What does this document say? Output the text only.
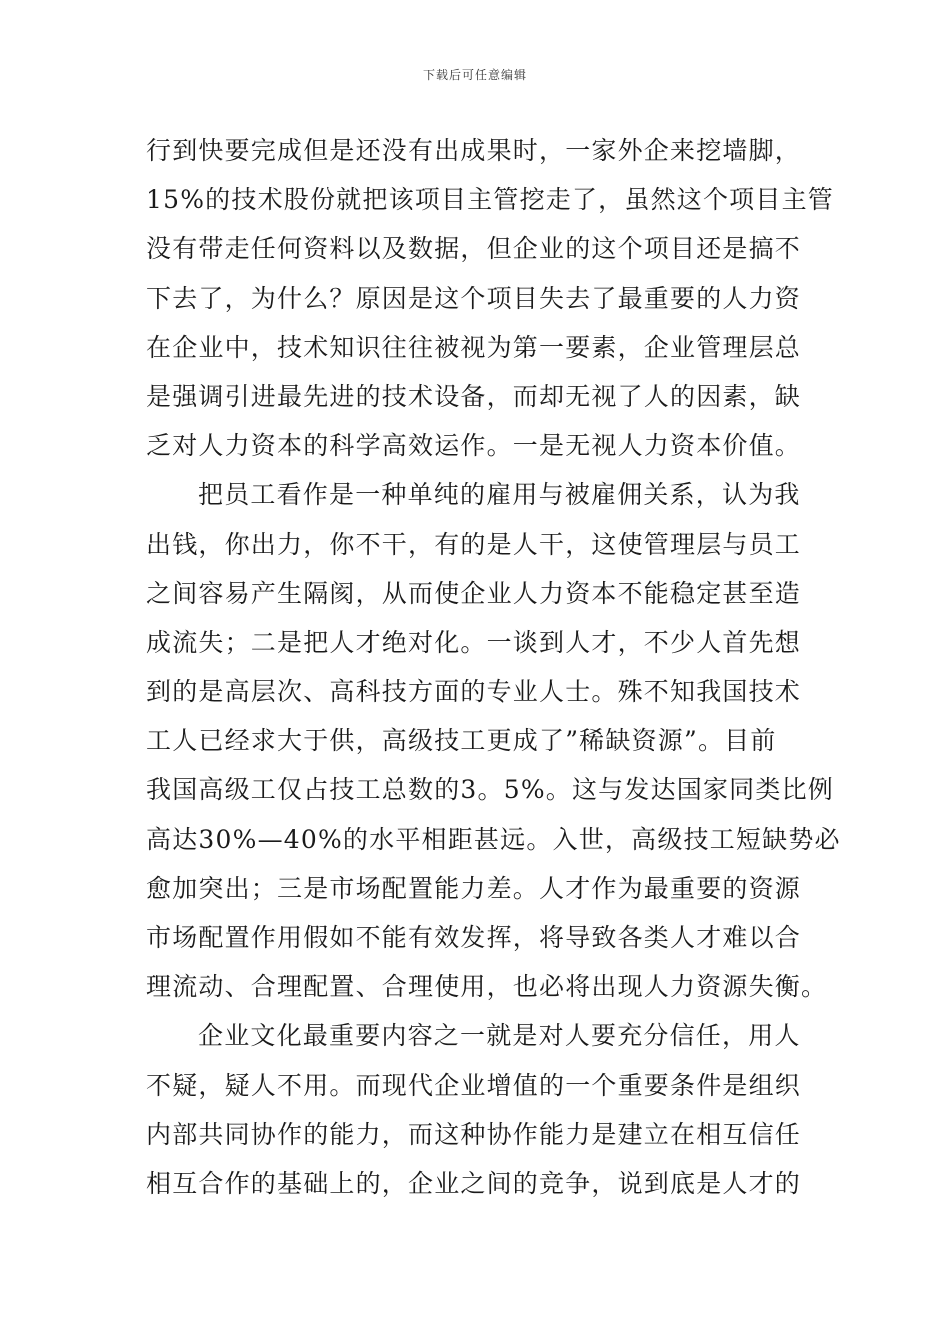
下载后可任意编辑
行到快要完成但是还没有出成果时，一家外企来挖墙脚，
15%的技术股份就把该项目主管挖走了，虽然这个项目主管
没有带走任何资料以及数据，但企业的这个项目还是搞不
下去了，为什么？原因是这个项目失去了最重要的人力资
在企业中，技术知识往往被视为第一要素，企业管理层总
是强调引进最先进的技术设备，而却无视了人的因素，缺
乏对人力资本的科学高效运作。一是无视人力资本价值。
把员工看作是一种单纯的雇用与被雇佣关系，认为我
出钱，你出力，你不干，有的是人干，这使管理层与员工
之间容易产生隔阂，从而使企业人力资本不能稳定甚至造
成流失；二是把人才绝对化。一谈到人才，不少人首先想
到的是高层次、高科技方面的专业人士。殊不知我国技术
工人已经求大于供，高级技工更成了”稀缺资源”。目前
我国高级工仅占技工总数的3。5%。这与发达国家同类比例
高达30%—40%的水平相距甚远。入世，高级技工短缺势必
愈加突出；三是市场配置能力差。人才作为最重要的资源
市场配置作用假如不能有效发挥，将导致各类人才难以合
理流动、合理配置、合理使用，也必将出现人力资源失衡。
企业文化最重要内容之一就是对人要充分信任，用人
不疑，疑人不用。而现代企业增值的一个重要条件是组织
内部共同协作的能力，而这种协作能力是建立在相互信任
相互合作的基础上的，企业之间的竞争，说到底是人才的
